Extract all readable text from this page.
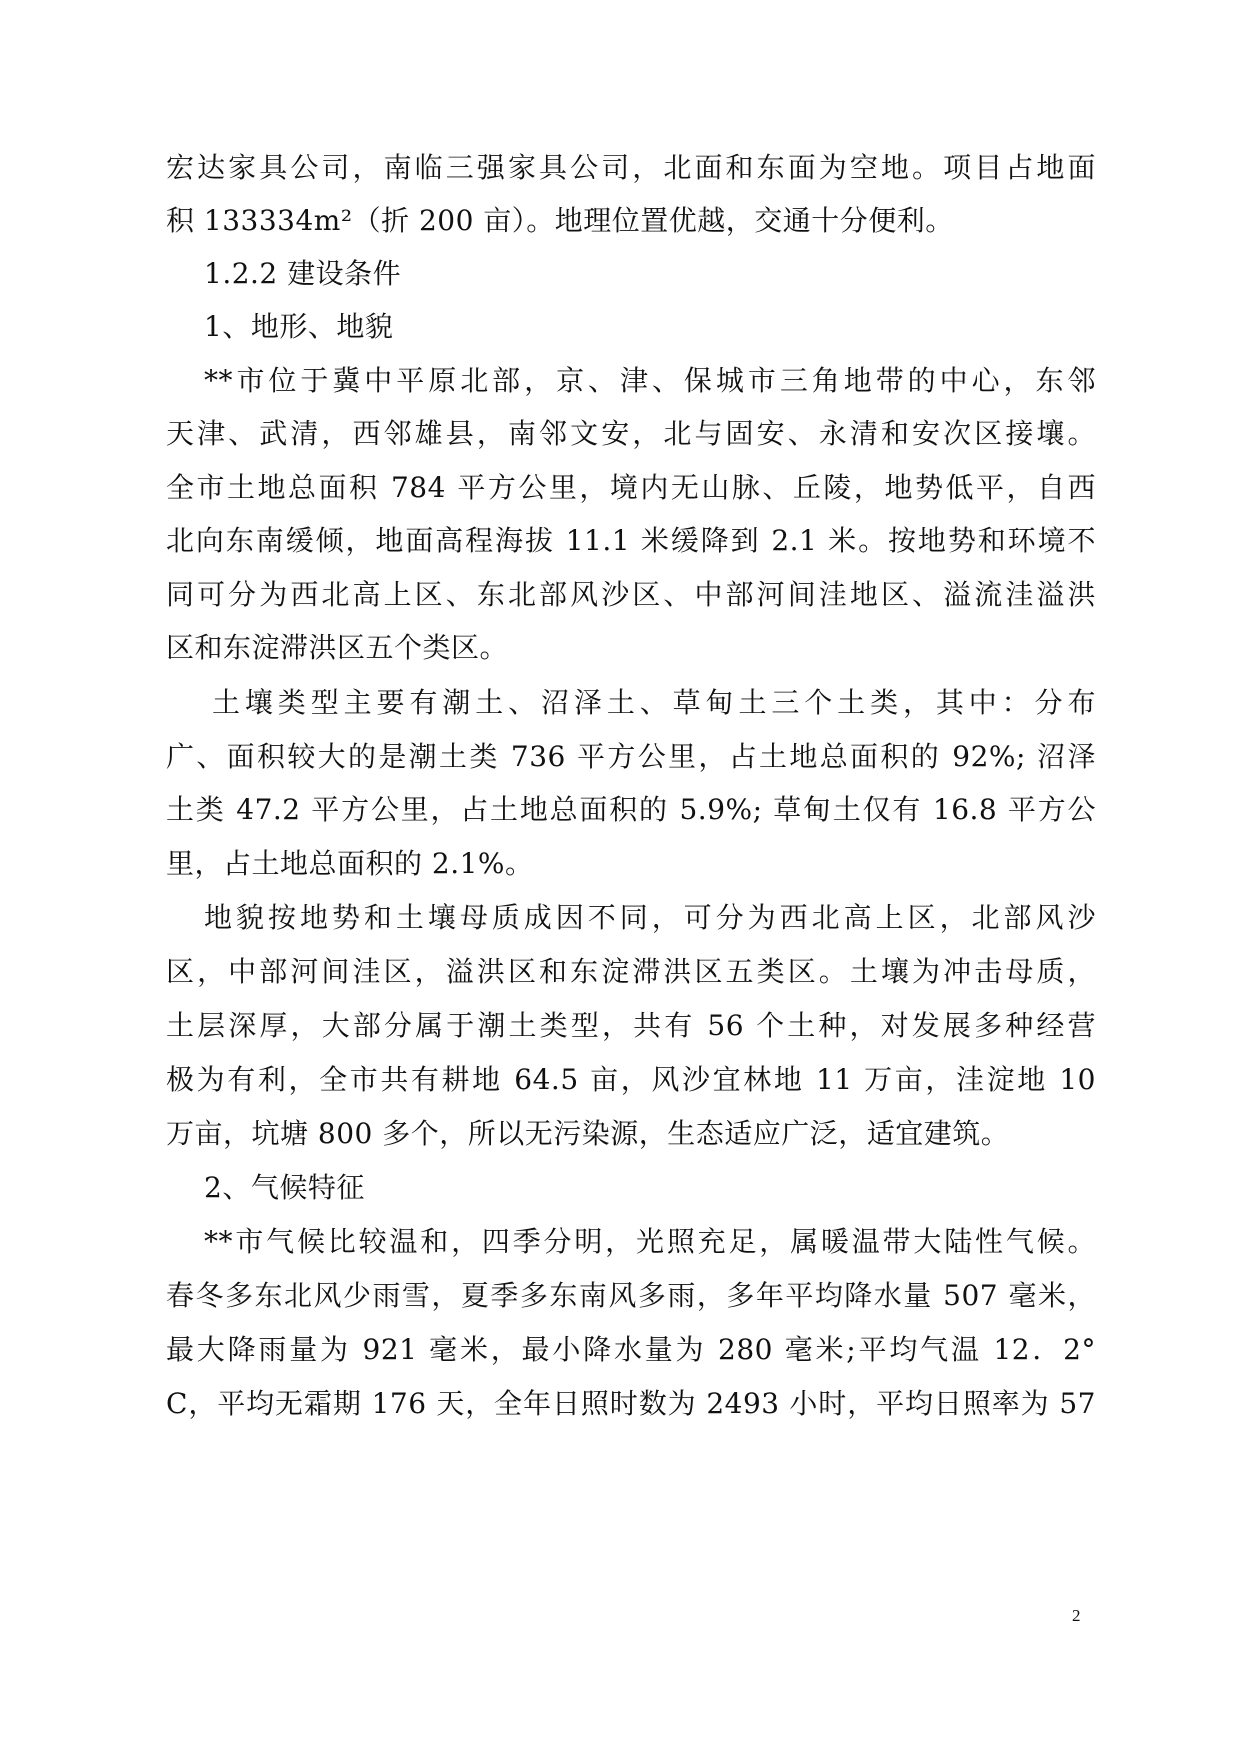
宏达家具公司，南临三强家具公司，北面和东面为空地。项目占地面
积 133334m²（折 200 亩）。地理位置优越，交通十分便利。
1.2.2 建设条件
1、地形、地貌
**市位于冀中平原北部，京、津、保城市三角地带的中心，东邻
天津、武清，西邻雄县，南邻文安，北与固安、永清和安次区接壤。
全市土地总面积 784 平方公里，境内无山脉、丘陵，地势低平，自西
北向东南缓倾，地面高程海拔 11.1 米缓降到 2.1 米。按地势和环境不
同可分为西北高上区、东北部风沙区、中部河间洼地区、溢流洼溢洪
区和东淀滞洪区五个类区。
土壤类型主要有潮土、沼泽土、草甸土三个土类，其中：分布
广、面积较大的是潮土类 736 平方公里，占土地总面积的 92%; 沼泽
土类 47.2 平方公里，占土地总面积的 5.9%; 草甸土仅有 16.8 平方公
里，占土地总面积的 2.1%。
地貌按地势和土壤母质成因不同，可分为西北高上区，北部风沙
区，中部河间洼区，溢洪区和东淀滞洪区五类区。土壤为冲击母质，
土层深厚，大部分属于潮土类型，共有 56 个土种，对发展多种经营
极为有利，全市共有耕地 64.5 亩，风沙宜林地 11 万亩，洼淀地 10
万亩，坑塘 800 多个，所以无污染源，生态适应广泛，适宜建筑。
2、气候特征
**市气候比较温和，四季分明，光照充足，属暖温带大陆性气候。
春冬多东北风少雨雪，夏季多东南风多雨，多年平均降水量 507 毫米，
最大降雨量为 921 毫米，最小降水量为 280 毫米;平均气温 12．2°
C，平均无霜期 176 天，全年日照时数为 2493 小时，平均日照率为 57
2
